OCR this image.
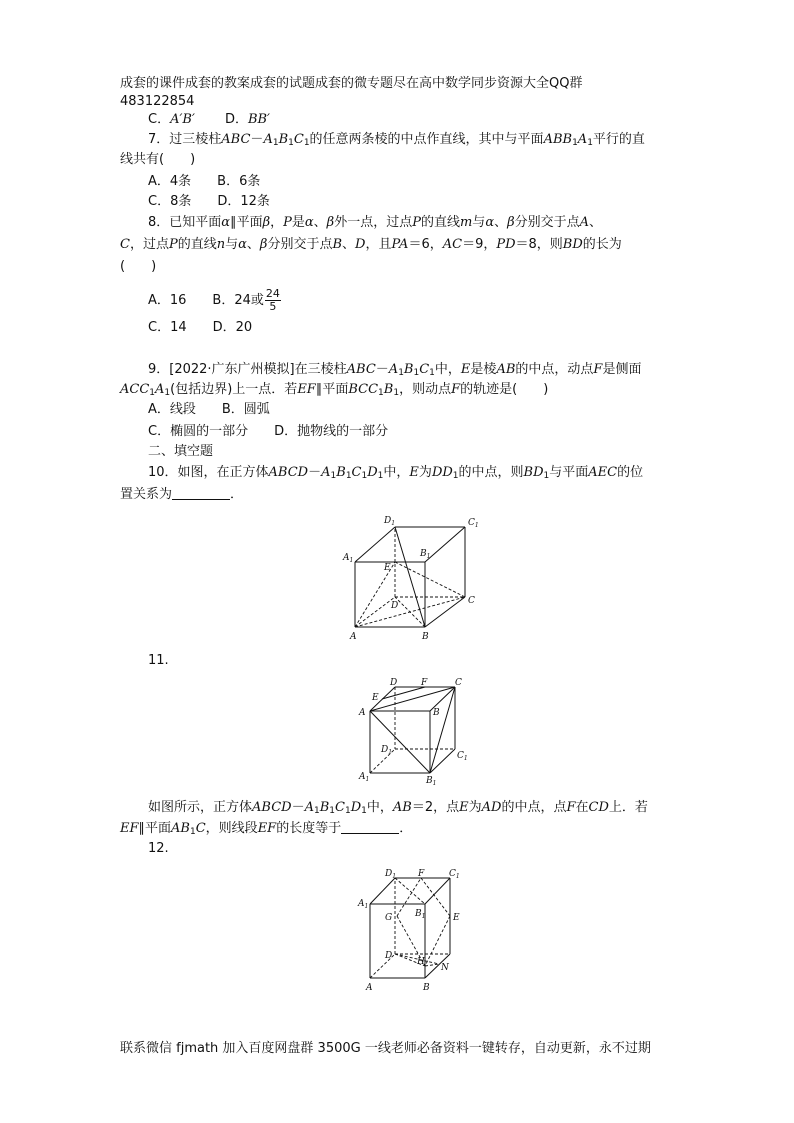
成套的课件成套的教案成套的试题成套的微专题尽在高中数学同步资源大全QQ群
483122854
C．A′B′ D．BB′
7．过三棱柱$ABC-A_1B_1C_1$的任意两条棱的中点作直线，其中与平面$ABB_1A_1$平行的直
线共有(　　)
A．4条　　B．6条
C．8条　　D．12条
8．已知平面α∥平面β，P是α、β外一点，过点P的直线m与α、β分别交于点A、
C，过点P的直线n与α、β分别交于点B、D，且PA＝6，AC＝9，PD＝8，则BD的长为
(　　)
A．16　　B．24或 $\frac{24}{5}$
C．14　　D．20
9．[2022·广东广州模拟]在三棱柱$ABC-A_1B_1C_1$中，E是棱AB的中点，动点F是侧面
$ACC_1A_1$(包括边界)上一点．若EF∥平面$BCC_1B_1$，则动点F的轨迹是(　　)
A．线段　　B．圆弧
C．椭圆的一部分　　D．抛物线的一部分
二、填空题
10．如图，在正方体$ABCD-A_1B_1C_1D_1$中，E为$DD_1$的中点，则$BD_1$与平面AEC的位
置关系为	．
$D_1$	$C_1$
$A_1$
$B_1$
E
D	C
A	B
11.
E
D	F	C
A	B
$D_1$	$C_1$
$A_1$	$B_1$
如图所示，正方体$ABCD-A_1B_1C_1D_1$中，AB＝2，点E为AD的中点，点F在CD上．若
EF∥平面$AB_1C$，则线段EF的长度等于	．
12.
$D_1$ F	$C_1$
$A_1$
G	$B_1$	E
D
H
N
A	B
联系微信 fjmath 加入百度网盘群 3500G 一线老师必备资料一键转存，自动更新，永不过期
